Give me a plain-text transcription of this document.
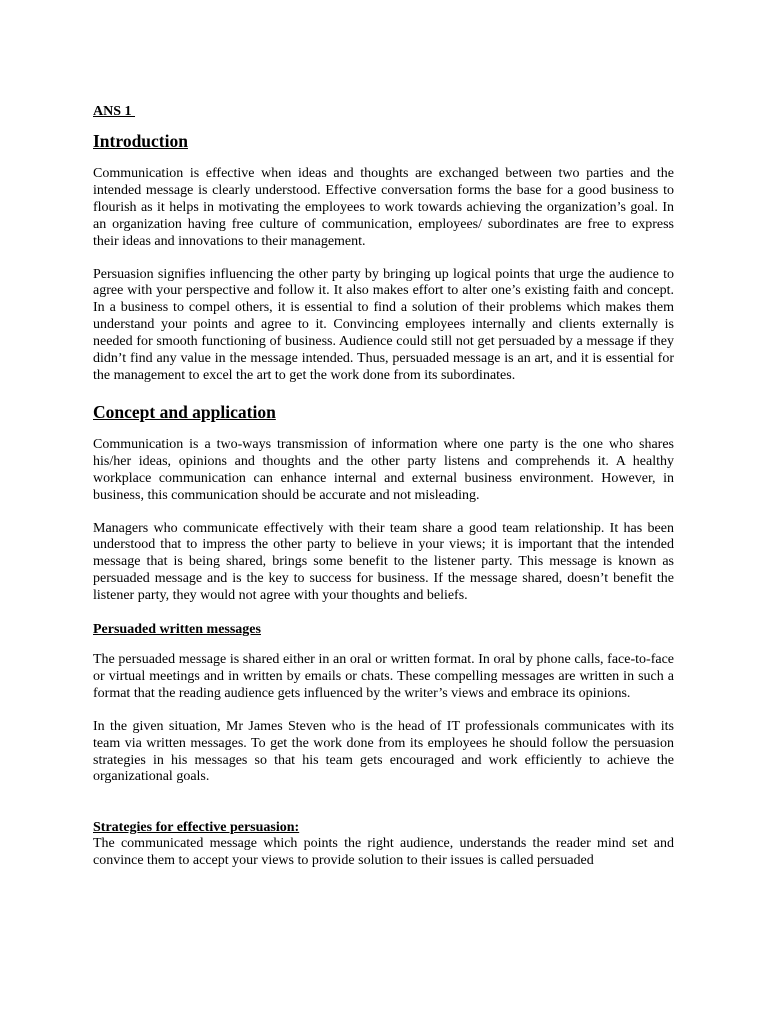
ANS 1
Introduction

Communication is effective when ideas and thoughts are exchanged between two parties and the intended message is clearly understood. Effective conversation forms the base for a good business to flourish as it helps in motivating the employees to work towards achieving the organization’s goal. In an organization having free culture of communication, employees/ subordinates are free to express their ideas and innovations to their management.

Persuasion signifies influencing the other party by bringing up logical points that urge the audience to agree with your perspective and follow it. It also makes effort to alter one’s existing faith and concept. In a business to compel others, it is essential to find a solution of their problems which makes them understand your points and agree to it. Convincing employees internally and clients externally is needed for smooth functioning of business. Audience could still not get persuaded by a message if they didn’t find any value in the message intended. Thus, persuaded message is an art, and it is essential for the management to excel the art to get the work done from its subordinates.

Concept and application

Communication is a two-ways transmission of information where one party is the one who shares his/her ideas, opinions and thoughts and the other party listens and comprehends it. A healthy workplace communication can enhance internal and external business environment. However, in business, this communication should be accurate and not misleading.

Managers who communicate effectively with their team share a good team relationship. It has been understood that to impress the other party to believe in your views; it is important that the intended message that is being shared, brings some benefit to the listener party. This message is known as persuaded message and is the key to success for business. If the message shared, doesn’t benefit the listener party, they would not agree with your thoughts and beliefs.

Persuaded written messages

The persuaded message is shared either in an oral or written format. In oral by phone calls, face-to-face or virtual meetings and in written by emails or chats. These compelling messages are written in such a format that the reading audience gets influenced by the writer’s views and embrace its opinions.

In the given situation, Mr James Steven who is the head of IT professionals communicates with its team via written messages. To get the work done from its employees he should follow the persuasion strategies in his messages so that his team gets encouraged and work efficiently to achieve the organizational goals.

Strategies for effective persuasion:

The communicated message which points the right audience, understands the reader mind set and convince them to accept your views to provide solution to their issues is called persuaded
